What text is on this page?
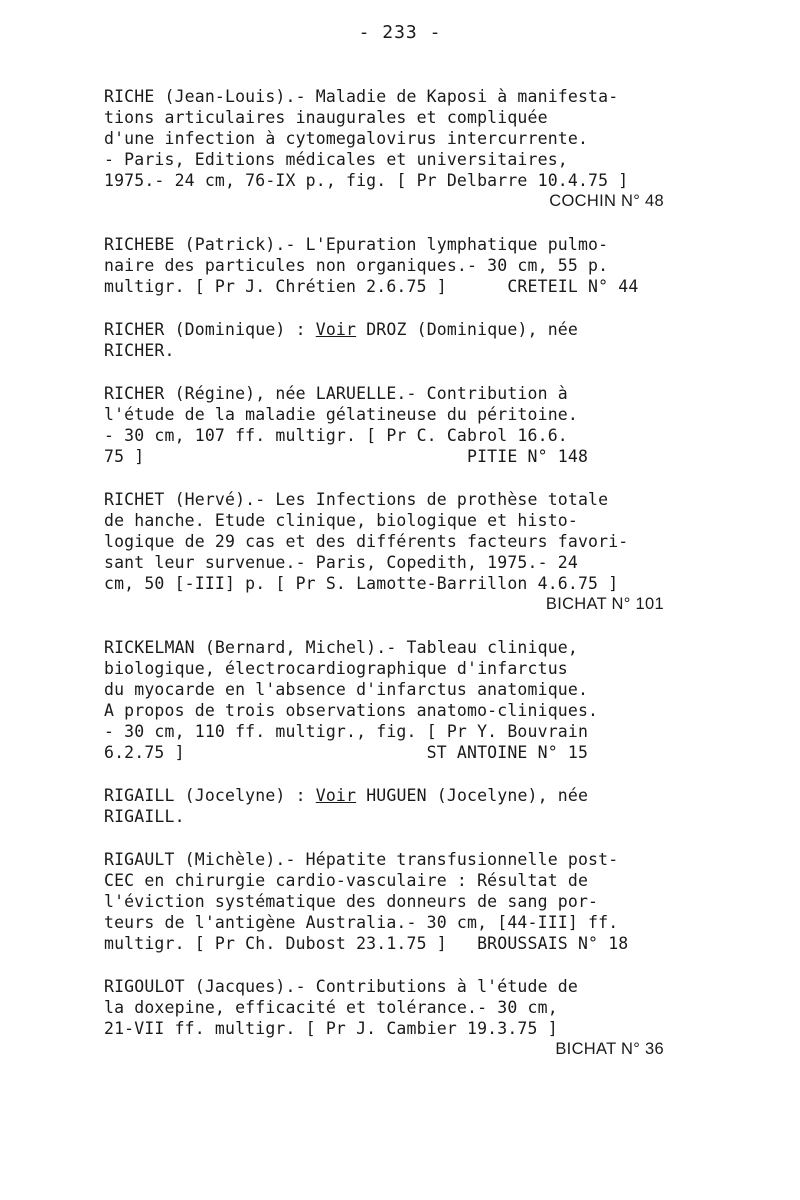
- 233 -
RICHE (Jean-Louis).- Maladie de Kaposi à manifesta-
tions articulaires inaugurales et compliquée
d'une infection à cytomegalovirus intercurrente.
- Paris, Editions médicales et universitaires,
1975.- 24 cm, 76-IX p., fig. [ Pr Delbarre 10.4.75 ]
COCHIN N° 48
RICHEBE (Patrick).- L'Epuration lymphatique pulmo-
naire des particules non organiques.- 30 cm, 55 p.
multigr. [ Pr J. Chrétien 2.6.75 ]      CRETEIL N° 44
RICHER (Dominique) : Voir DROZ (Dominique), née
RICHER.
RICHER (Régine), née LARUELLE.- Contribution à
l'étude de la maladie gélatineuse du péritoine.
- 30 cm, 107 ff. multigr. [ Pr C. Cabrol 16.6.
75 ]                                PITIE N° 148
RICHET (Hervé).- Les Infections de prothèse totale
de hanche. Etude clinique, biologique et histo-
logique de 29 cas et des différents facteurs favori-
sant leur survenue.- Paris, Copedith, 1975.- 24
cm, 50 [-III] p. [ Pr S. Lamotte-Barrillon 4.6.75 ]
BICHAT N° 101
RICKELMAN (Bernard, Michel).- Tableau clinique,
biologique, électrocardiographique d'infarctus
du myocarde en l'absence d'infarctus anatomique.
A propos de trois observations anatomo-cliniques.
- 30 cm, 110 ff. multigr., fig. [ Pr Y. Bouvrain
6.2.75 ]                        ST ANTOINE N° 15
RIGAILL (Jocelyne) : Voir HUGUEN (Jocelyne), née
RIGAILL.
RIGAULT (Michèle).- Hépatite transfusionnelle post-
CEC en chirurgie cardio-vasculaire : Résultat de
l'éviction systématique des donneurs de sang por-
teurs de l'antigène Australia.- 30 cm, [44-III] ff.
multigr. [ Pr Ch. Dubost 23.1.75 ]   BROUSSAIS N° 18
RIGOULOT (Jacques).- Contributions à l'étude de
la doxepine, efficacité et tolérance.- 30 cm,
21-VII ff. multigr. [ Pr J. Cambier 19.3.75 ]
BICHAT N° 36
